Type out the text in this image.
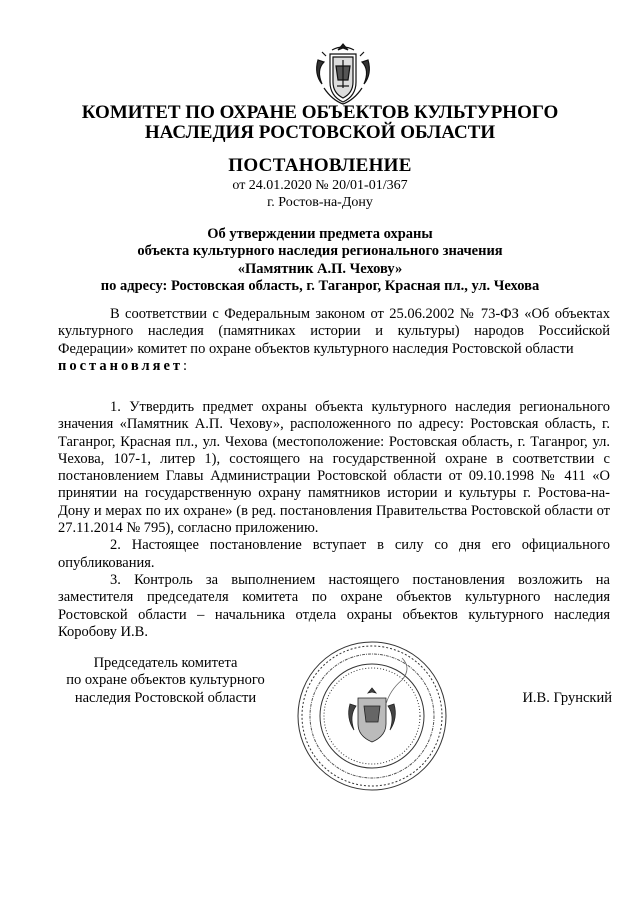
КОМИТЕТ ПО ОХРАНЕ ОБЪЕКТОВ КУЛЬТУРНОГО
НАСЛЕДИЯ РОСТОВСКОЙ ОБЛАСТИ
ПОСТАНОВЛЕНИЕ
от 24.01.2020 № 20/01-01/367
г. Ростов-на-Дону
Об утверждении предмета охраны
объекта культурного наследия регионального значения
«Памятник А.П. Чехову»
по адресу: Ростовская область, г. Таганрог, Красная пл., ул. Чехова

В соответствии с Федеральным законом от 25.06.2002 № 73-ФЗ «Об объектах культурного наследия (памятниках истории и культуры) народов Российской Федерации» комитет по охране объектов культурного наследия Ростовской области

постановляет:

1. Утвердить предмет охраны объекта культурного наследия регионального значения «Памятник А.П. Чехову», расположенного по адресу: Ростовская область, г. Таганрог, Красная пл., ул. Чехова (местоположение: Ростовская область, г. Таганрог, ул. Чехова, 107-1, литер 1), состоящего на государственной охране в соответствии с постановлением Главы Администрации Ростовской области от 09.10.1998 № 411 «О принятии на государственную охрану памятников истории и культуры г. Ростова-на-Дону и мерах по их охране» (в ред. постановления Правительства Ростовской области от 27.11.2014 № 795), согласно приложению.

2. Настоящее постановление вступает в силу со дня его официального опубликования.

3. Контроль за выполнением настоящего постановления возложить на заместителя председателя комитета по охране объектов культурного наследия Ростовской области – начальника отдела охраны объектов культурного наследия Коробову И.В.

Председатель комитета
по охране объектов культурного
наследия Ростовской области	И.В. Грунский
